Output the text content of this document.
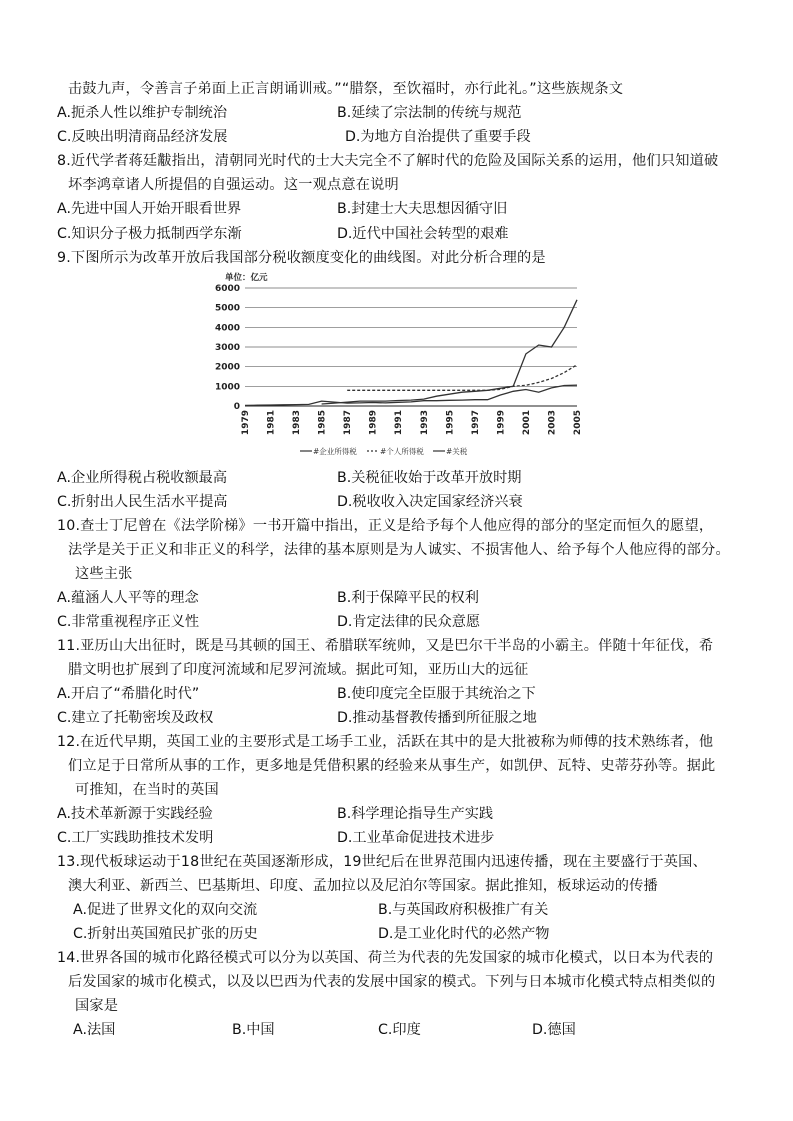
击鼓九声，令善言子弟面上正言朗诵训戒。”“腊祭，至饮福时，亦行此礼。”这些族规条文
A.扼杀人性以维护专制统治	B.延续了宗法制的传统与规范
C.反映出明清商品经济发展	D.为地方自治提供了重要手段
8.近代学者蒋廷黻指出，清朝同光时代的士大夫完全不了解时代的危险及国际关系的运用，他们只知道破
坏李鸿章诸人所提倡的自强运动。这一观点意在说明
A.先进中国人开始开眼看世界	B.封建士大夫思想因循守旧
C.知识分子极力抵制西学东渐	D.近代中国社会转型的艰难
9.下图所示为改革开放后我国部分税收额度变化的曲线图。对此分析合理的是
单位：亿元
0
1000
2000
3000
4000
5000
6000
1979 1981 1983 1985 1987 1989 1991 1993 1995 1997 1999 2001 2003 2005
#企业所得税	#个人所得税	#关税
A.企业所得税占税收额最高	B.关税征收始于改革开放时期
C.折射出人民生活水平提高	D.税收收入决定国家经济兴衰
10.查士丁尼曾在《法学阶梯》一书开篇中指出，正义是给予每个人他应得的部分的坚定而恒久的愿望，
法学是关于正义和非正义的科学，法律的基本原则是为人诚实、不损害他人、给予每个人他应得的部分。
这些主张
A.蕴涵人人平等的理念	B.利于保障平民的权利
C.非常重视程序正义性	D.肯定法律的民众意愿
11.亚历山大出征时，既是马其顿的国王、希腊联军统帅，又是巴尔干半岛的小霸主。伴随十年征伐，希
腊文明也扩展到了印度河流域和尼罗河流域。据此可知，亚历山大的远征
A.开启了“希腊化时代”	B.使印度完全臣服于其统治之下
C.建立了托勒密埃及政权	D.推动基督教传播到所征服之地
12.在近代早期，英国工业的主要形式是工场手工业，活跃在其中的是大批被称为师傅的技术熟练者，他
们立足于日常所从事的工作，更多地是凭借积累的经验来从事生产，如凯伊、瓦特、史蒂芬孙等。据此
可推知，在当时的英国
A.技术革新源于实践经验	B.科学理论指导生产实践
C.工厂实践助推技术发明	D.工业革命促进技术进步
13.现代板球运动于18世纪在英国逐渐形成，19世纪后在世界范围内迅速传播，现在主要盛行于英国、
澳大利亚、新西兰、巴基斯坦、印度、孟加拉以及尼泊尔等国家。据此推知，板球运动的传播
A.促进了世界文化的双向交流	B.与英国政府积极推广有关
C.折射出英国殖民扩张的历史	D.是工业化时代的必然产物
14.世界各国的城市化路径模式可以分为以英国、荷兰为代表的先发国家的城市化模式，以日本为代表的
后发国家的城市化模式，以及以巴西为代表的发展中国家的模式。下列与日本城市化模式特点相类似的
国家是
A.法国	B.中国	C.印度	D.德国
